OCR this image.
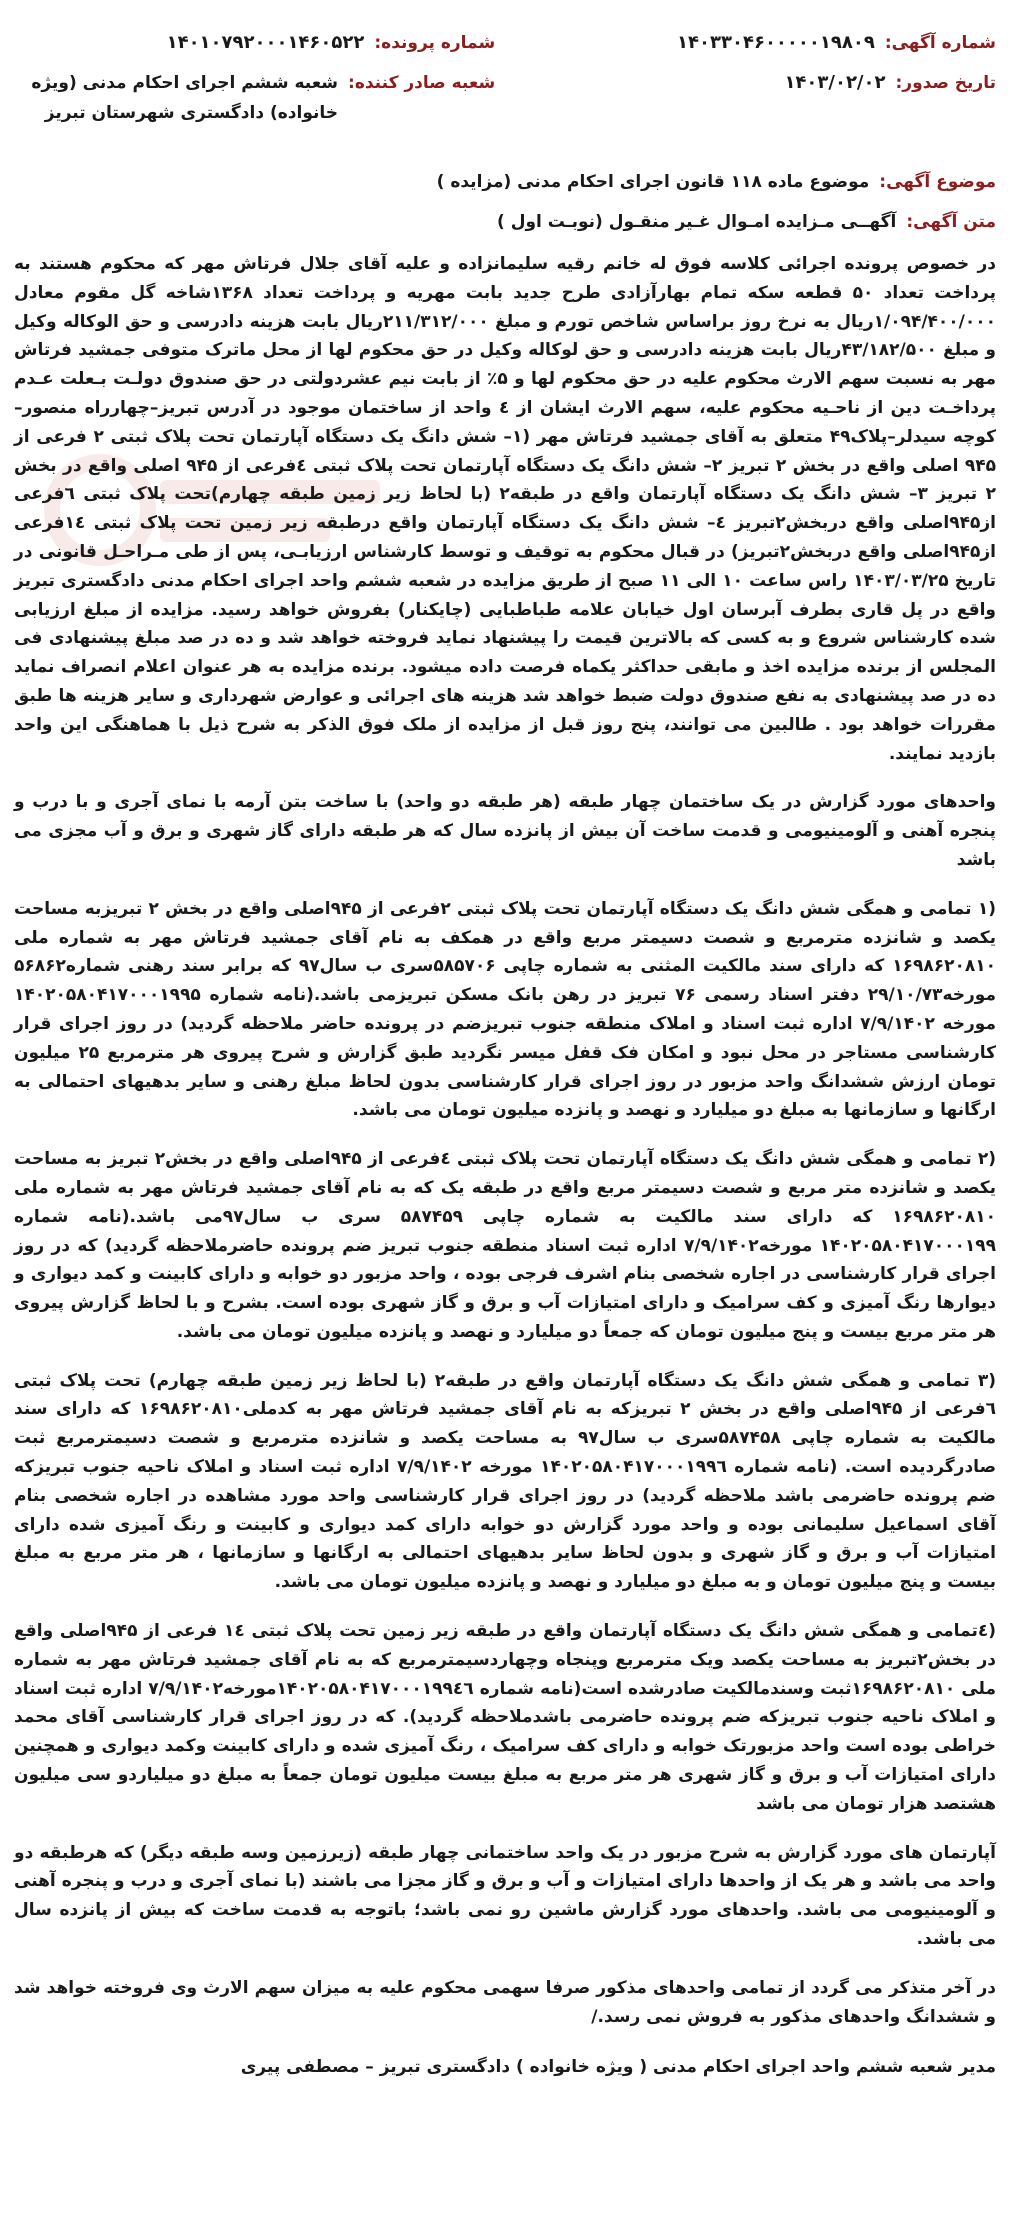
شماره آگهی:
۱۴۰۳۳۰۴۶۰۰۰۰۰۱۹۸۰۹
شماره پرونده:
۱۴۰۱۰۷۹۲۰۰۰۱۴۶۰۵۲۲
تاریخ صدور:
۱۴۰۳/۰۲/۰۲
شعبه صادر کننده:
شعبه ششم اجرای احکام مدنی (ویژه خانواده) دادگستری شهرستان تبریز
موضوع آگهی:
موضوع ماده ۱۱۸ قانون اجرای احکام مدنی (مزایده )
متن آگهی:
آگهــی مـزایده امـوال غـیر منقـول (نوبـت اول )

در خصوص پرونده اجرائی کلاسه فوق له خانم رقیه سلیمانزاده و علیه آقای جلال فرتاش مهر که محکوم هستند به پرداخت تعداد ۵۰ قطعه سکه تمام بهارآزادی طرح جدید بابت مهریه و پرداخت تعداد ۱۳۶۸شاخه گل مقوم معادل ۱/۰۹۴/۴۰۰/۰۰۰ریال به نرخ روز براساس شاخص تورم و مبلغ ۲۱۱/۳۱۲/۰۰۰ریال بابت هزینه دادرسی و حق الوکاله وکیل و مبلغ ۴۳/۱۸۲/۵۰۰ریال بابت هزینه دادرسی و حق لوکاله وکیل در حق محکوم لها از محل ماترک متوفی جمشید فرتاش مهر به نسبت سهم الارث محکوم علیه در حق محکوم لها و ۵٪ از بابت نیم عشردولتی در حق صندوق دولـت بـعلت عـدم پرداخـت دین از ناحـیه محکوم علیه، سهم الارث ایشان از ٤ واحد از ساختمان موجود در آدرس تبریز–چهارراه منصور–کوچه سیدلر–پلاک۴۹ متعلق به آقای جمشید فرتاش مهر (۱– شش دانگ یک دستگاه آپارتمان تحت پلاک ثبتی ۲ فرعی از ۹۴۵ اصلی واقع در بخش ۲ تبریز ۲– شش دانگ یک دستگاه آپارتمان تحت پلاک ثبتی ٤فرعی از ۹۴۵ اصلی واقع در بخش ۲ تبریز ۳– شش دانگ یک دستگاه آپارتمان واقع در طبقه۲ (با لحاظ زیر زمین طبقه چهارم)تحت پلاک ثبتی ٦فرعی از۹۴۵اصلی واقع دربخش۲تبریز ٤– شش دانگ یک دستگاه آپارتمان واقع درطبقه زیر زمین تحت پلاک ثبتی ١٤فرعی از۹۴۵اصلی واقع دربخش۲تبریز) در قبال محکوم به توقیف و توسط کارشناس ارزیابـی، پس از طی مـراحـل قانونی در تاریخ ۱۴۰۳/۰۳/۲۵ راس ساعت ۱۰ الی ۱۱ صبح از طریق مزایده در شعبه ششم واحد اجرای احکام مدنی دادگستری تبریز واقع در پل قاری بطرف آبرسان اول خیابان علامه طباطبایی (چایکنار) بفروش خواهد رسید. مزایده از مبلغ ارزیابی شده کارشناس شروع و به کسی که بالاترین قیمت را پیشنهاد نماید فروخته خواهد شد و ده در صد مبلغ پیشنهادی فی المجلس از برنده مزایده اخذ و مابقی حداکثر یکماه فرصت داده میشود. برنده مزایده به هر عنوان اعلام انصراف نماید ده در صد پیشنهادی به نفع صندوق دولت ضبط خواهد شد هزینه های اجرائی و عوارض شهرداری و سایر هزینه ها طبق مقررات خواهد بود . طالبین می توانند، پنج روز قبل از مزایده از ملک فوق الذکر به شرح ذیل با هماهنگی این واحد بازدید نمایند.

واحدهای مورد گزارش در یک ساختمان چهار طبقه (هر طبقه دو واحد) با ساخت بتن آرمه با نمای آجری و با درب و پنجره آهنی و آلومینیومی و قدمت ساخت آن بیش از پانزده سال که هر طبقه دارای گاز شهری و برق و آب مجزی می باشد

(۱ تمامی و همگی شش دانگ یک دستگاه آپارتمان تحت پلاک ثبتی ۲فرعی از ۹۴۵اصلی واقع در بخش ۲ تبریزبه مساحت یکصد و شانزده مترمربع و شصت دسیمتر مربع واقع در همکف به نام آقای جمشید فرتاش مهر به شماره ملی ۱۶۹۸۶۲۰۸۱۰ که دارای سند مالکیت المثنی به شماره چاپی ۵۸۵۷۰۶سری ب سال۹۷ که برابر سند رهنی شماره۵۶۸۶۲ مورخه۲۹/۱۰/۷۳ دفتر اسناد رسمی ۷۶ تبریز در رهن بانک مسکن تبریزمی باشد.(نامه شماره ۱۴۰۲۰۵۸۰۴۱۷۰۰۰۱۹۹۵ مورخه ۷/۹/۱۴۰۲ اداره ثبت اسناد و املاک منطقه جنوب تبریزضم در پرونده حاضر ملاحظه گردید) در روز اجرای قرار کارشناسی مستاجر در محل نبود و امکان فک قفل میسر نگردید طبق گزارش و شرح پیروی هر مترمربع ۲۵ میلیون تومان ارزش ششدانگ واحد مزبور در روز اجرای قرار کارشناسی بدون لحاظ مبلغ رهنی و سایر بدهیهای احتمالی به ارگانها و سازمانها به مبلغ دو میلیارد و نهصد و پانزده میلیون تومان می باشد.

(۲ تمامی و همگی شش دانگ یک دستگاه آپارتمان تحت پلاک ثبتی ٤فرعی از ۹۴۵اصلی واقع در بخش۲ تبریز به مساحت یکصد و شانزده متر مربع و شصت دسیمتر مربع واقع در طبقه یک که به نام آقای جمشید فرتاش مهر به شماره ملی ۱۶۹۸۶۲۰۸۱۰ که دارای سند مالکیت به شماره چاپی ۵۸۷۴۵۹ سری ب سال۹۷می باشد.(نامه شماره ۱۴۰۲۰۵۸۰۴۱۷۰۰۰۱۹۹ مورخه۷/۹/۱۴۰۲ اداره ثبت اسناد منطقه جنوب تبریز ضم پرونده حاضرملاحظه گردید) که در روز اجرای قرار کارشناسی در اجاره شخصی بنام اشرف فرجی بوده ، واحد مزبور دو خوابه و دارای کابینت و کمد دیواری و دیوارها رنگ آمیزی و کف سرامیک و دارای امتیازات آب و برق و گاز شهری بوده است. بشرح و با لحاظ گزارش پیروی هر متر مربع بیست و پنج میلیون تومان که جمعاً دو میلیارد و نهصد و پانزده میلیون تومان می باشد.

(۳ تمامی و همگی شش دانگ یک دستگاه آپارتمان واقع در طبقه۲ (با لحاظ زیر زمین طبقه چهارم) تحت پلاک ثبتی ٦فرعی از ۹۴۵اصلی واقع در بخش ۲ تبریزکه به نام آقای جمشید فرتاش مهر به کدملی۱۶۹۸۶۲۰۸۱۰ که دارای سند مالکیت به شماره چاپی ۵۸۷۴۵۸سری ب سال۹۷ به مساحت یکصد و شانزده مترمربع و شصت دسیمترمربع ثبت صادرگردیده است. (نامه شماره ۱۴۰۲۰۵۸۰۴۱۷۰۰۰۱۹۹٦ مورخه ۷/۹/۱۴۰۲ اداره ثبت اسناد و املاک ناحیه جنوب تبریزکه ضم پرونده حاضرمی باشد ملاحظه گردید) در روز اجرای قرار کارشناسی واحد مورد مشاهده در اجاره شخصی بنام آقای اسماعیل سلیمانی بوده و واحد مورد گزارش دو خوابه دارای کمد دیواری و کابینت و رنگ آمیزی شده دارای امتیازات آب و برق و گاز شهری و بدون لحاظ سایر بدهیهای احتمالی به ارگانها و سازمانها ، هر متر مربع به مبلغ بیست و پنج میلیون تومان و به مبلغ دو میلیارد و نهصد و پانزده میلیون تومان می باشد.

(٤تمامی و همگی شش دانگ یک دستگاه آپارتمان واقع در طبقه زیر زمین تحت پلاک ثبتی ١٤ فرعی از ۹۴۵اصلی واقع در بخش۲تبریز به مساحت یکصد ویک مترمربع وپنجاه وچهاردسیمترمربع که به نام آقای جمشید فرتاش مهر به شماره ملی ۱۶۹۸۶۲۰۸۱۰ثبت وسندمالکیت صادرشده است(نامه شماره ۱۴۰۲۰۵۸۰۴۱۷۰۰۰۱۹۹٤٦مورخه۷/۹/۱۴۰۲ اداره ثبت اسناد و املاک ناحیه جنوب تبریزکه ضم پرونده حاضرمی باشدملاحظه گردید). که در روز اجرای قرار کارشناسی آقای محمد خراطی بوده است واحد مزبورتک خوابه و دارای کف سرامیک ، رنگ آمیزی شده و دارای کابینت وکمد دیواری و همچنین دارای امتیازات آب و برق و گاز شهری هر متر مربع به مبلغ بیست میلیون تومان جمعاً به مبلغ دو میلیاردو سی میلیون هشتصد هزار تومان می باشد

آپارتمان های مورد گزارش به شرح مزبور در یک واحد ساختمانی چهار طبقه (زیرزمین وسه طبقه دیگر) که هرطبقه دو واحد می باشد و هر یک از واحدها دارای امتیازات و آب و برق و گاز مجزا می باشند (با نمای آجری و درب و پنجره آهنی و آلومینیومی می باشد. واحدهای مورد گزارش ماشین رو نمی باشد؛ باتوجه به قدمت ساخت که بیش از پانزده سال می باشد.

در آخر متذکر می گردد از تمامی واحدهای مذکور صرفا سهمی محکوم علیه به میزان سهم الارث وی فروخته خواهد شد و ششدانگ واحدهای مذکور به فروش نمی رسد./

مدیر شعبه ششم واحد اجرای احکام مدنی ( ویژه خانواده ) دادگستری تبریز – مصطفی پیری
